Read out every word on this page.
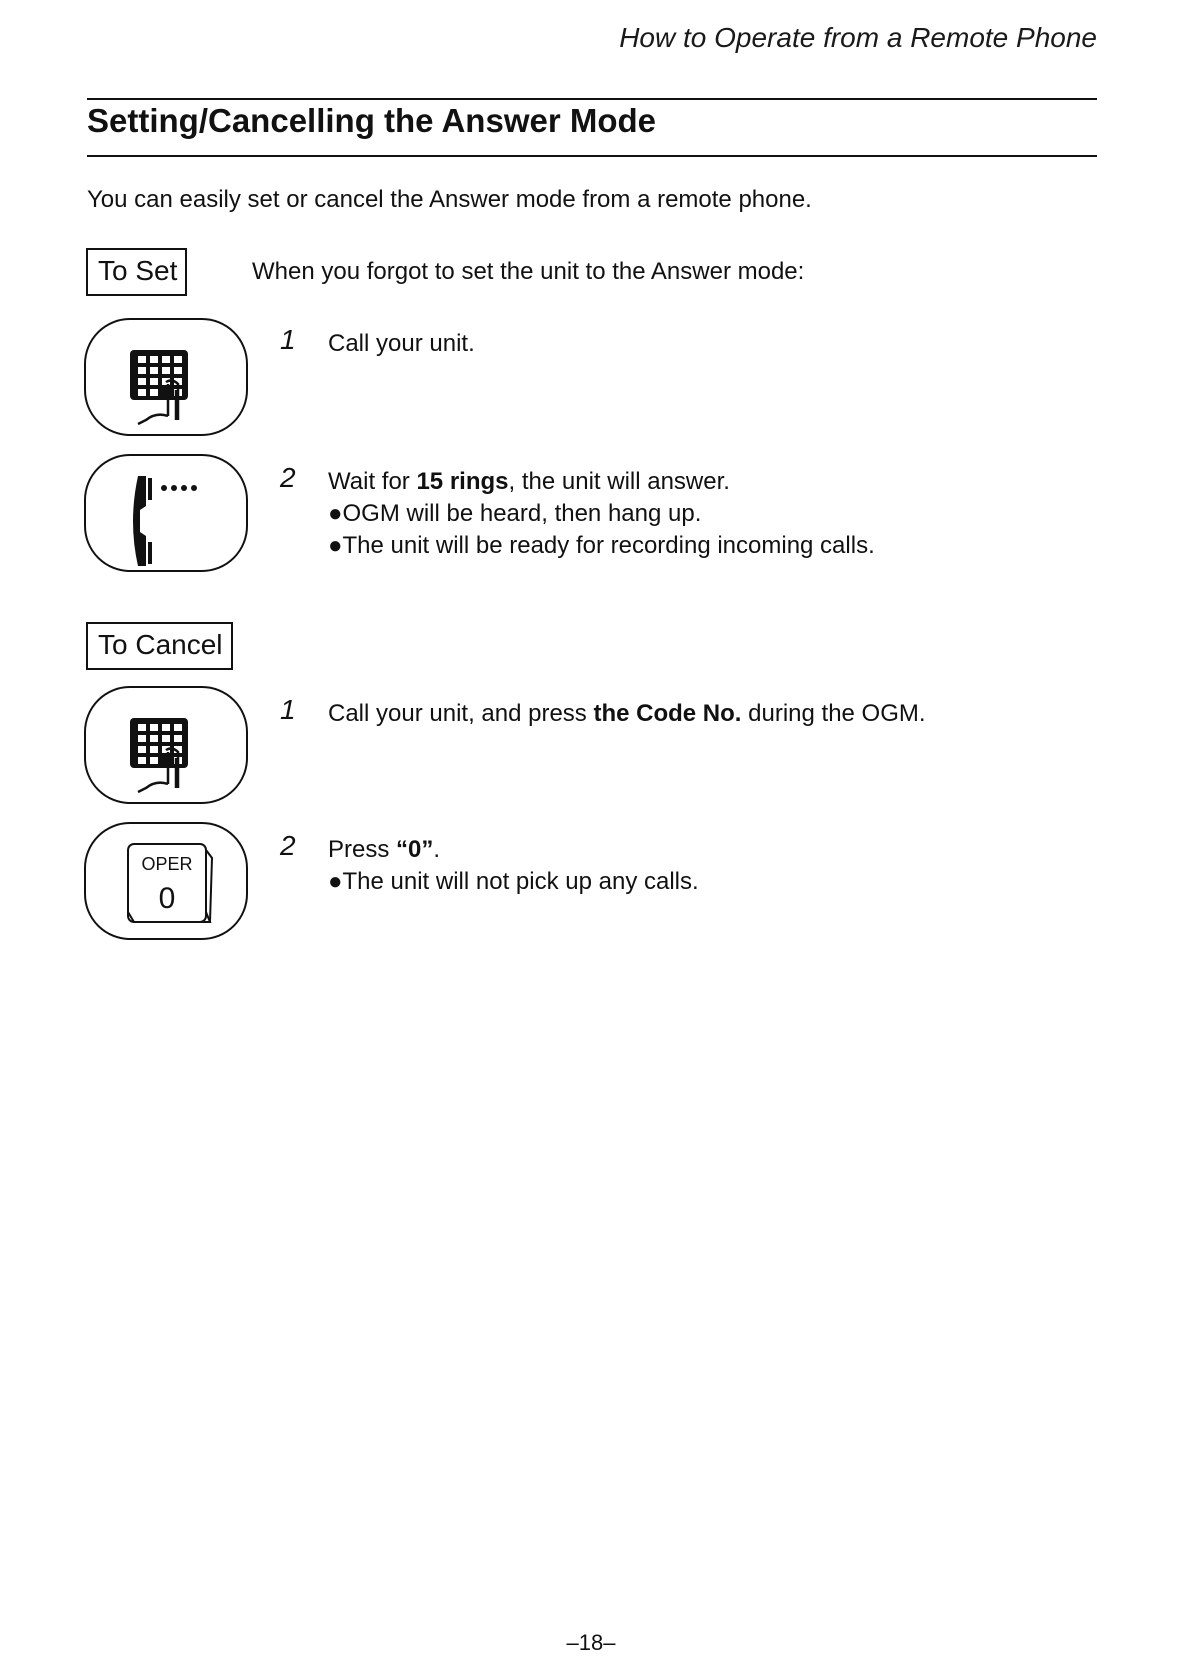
How to Operate from a Remote Phone
Setting/Cancelling the Answer Mode
You can easily set or cancel the Answer mode from a remote phone.
To Set	When you forgot to set the unit to the Answer mode:
1 Call your unit.
2 Wait for 15 rings, the unit will answer.
●OGM will be heard, then hang up.
●The unit will be ready for recording incoming calls.
To Cancel
1 Call your unit, and press the Code No. during the OGM.
OPER
0
2 Press “0”.
●The unit will not pick up any calls.
–18–
